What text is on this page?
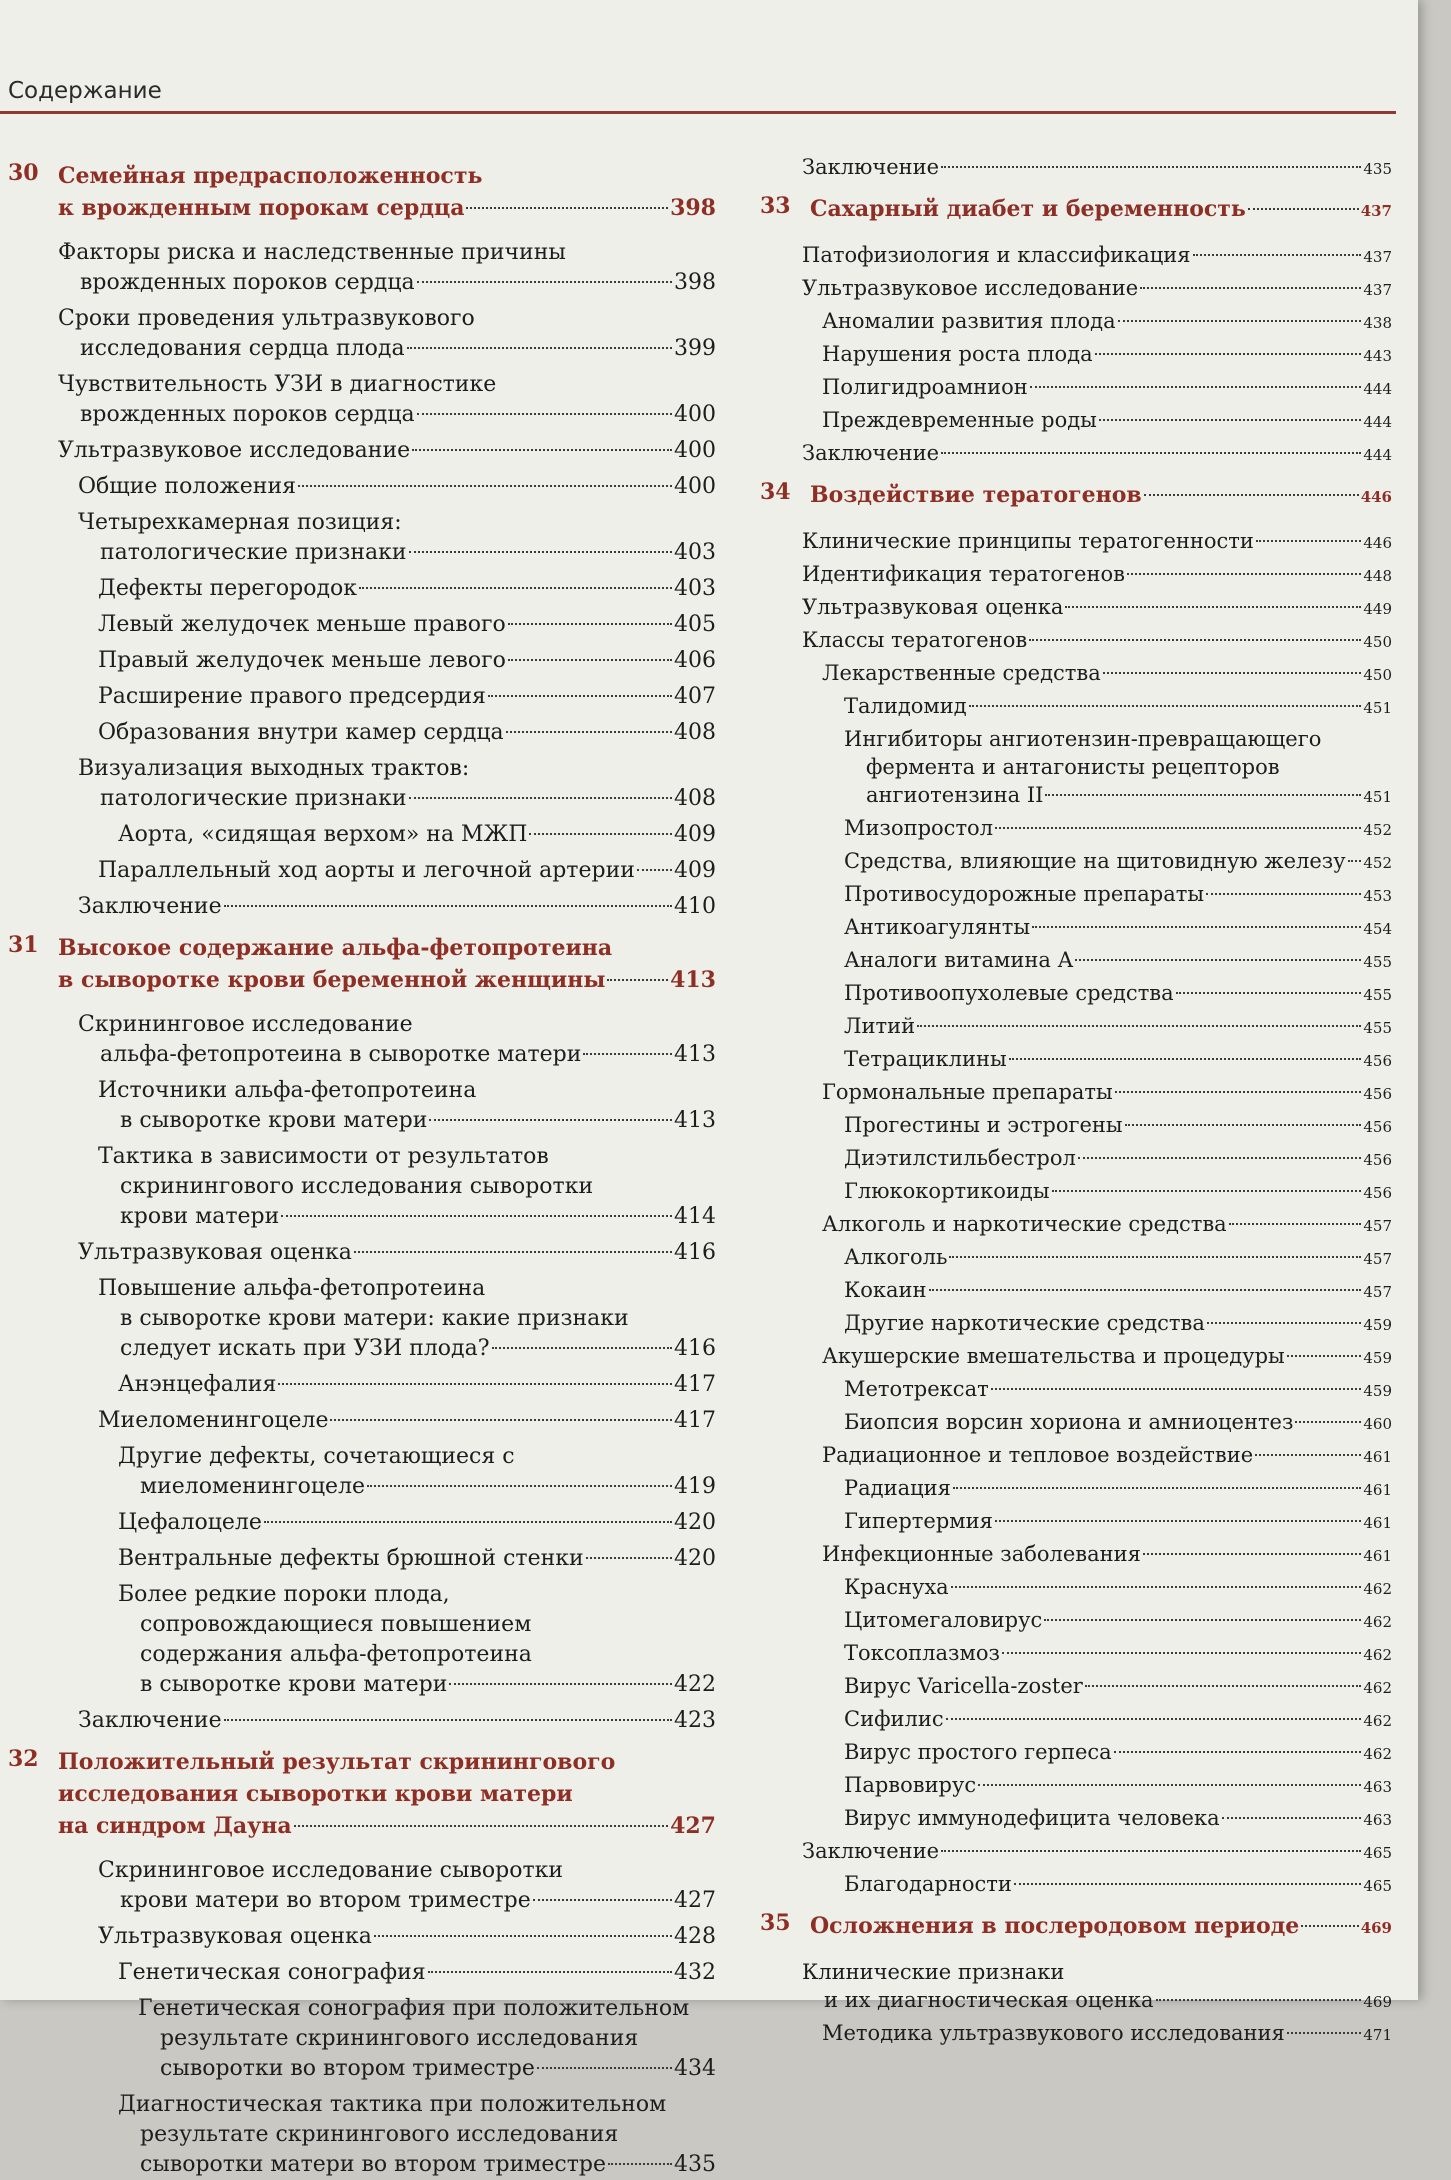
Содержание
30 Семейная предрасположенность
к врожденным порокам сердца	398
Факторы риска и наследственные причины
врожденных пороков сердца	398
Сроки проведения ультразвукового
исследования сердца плода	399
Чувствительность УЗИ в диагностике
врожденных пороков сердца	400
Ультразвуковое исследование	400
Общие положения	400
Четырехкамерная позиция:
патологические признаки	403
Дефекты перегородок	403
Левый желудочек меньше правого	405
Правый желудочек меньше левого	406
Расширение правого предсердия	407
Образования внутри камер сердца	408
Визуализация выходных трактов:
патологические признаки	408
Аорта, «сидящая верхом» на МЖП	409
Параллельный ход аорты и легочной артерии 409
Заключение	410
31 Высокое содержание альфа-фетопротеина
в сыворотке крови беременной женщины	413
Скрининговое исследование
альфа-фетопротеина в сыворотке матери	413
Источники альфа-фетопротеина
в сыворотке крови матери	413
Тактика в зависимости от результатов
скринингового исследования сыворотки
крови матери	414
Ультразвуковая оценка	416
Повышение альфа-фетопротеина
в сыворотке крови матери: какие признаки
следует искать при УЗИ плода?	416
Анэнцефалия	417
Миеломенингоцеле	417
Другие дефекты, сочетающиеся с
миеломенингоцеле	419
Цефалоцеле	420
Вентральные дефекты брюшной стенки	420
Более редкие пороки плода,
сопровождающиеся повышением
содержания альфа-фетопротеина
в сыворотке крови матери	422
Заключение	423
32 Положительный результат скринингового
исследования сыворотки крови матери
на синдром Дауна	427
Скрининговое исследование сыворотки
крови матери во втором триместре	427
Ультразвуковая оценка	428
Генетическая сонография	432
Генетическая сонография при положительном
результате скринингового исследования
сыворотки во втором триместре	434
Диагностическая тактика при положительном
результате скринингового исследования
сыворотки матери во втором триместре	435
Заключение	435
33 Сахарный диабет и беременность	437
Патофизиология и классификация	437
Ультразвуковое исследование	437
Аномалии развития плода	438
Нарушения роста плода	443
Полигидроамнион	444
Преждевременные роды	444
Заключение	444
34 Воздействие тератогенов	446
Клинические принципы тератогенности	446
Идентификация тератогенов	448
Ультразвуковая оценка	449
Классы тератогенов	450
Лекарственные средства	450
Талидомид	451
Ингибиторы ангиотензин-превращающего
фермента и антагонисты рецепторов
ангиотензина II	451
Мизопростол	452
Средства, влияющие на щитовидную железу 452
Противосудорожные препараты	453
Антикоагулянты	454
Аналоги витамина А	455
Противоопухолевые средства	455
Литий	455
Тетрациклины	456
Гормональные препараты	456
Прогестины и эстрогены	456
Диэтилстильбестрол	456
Глюкокортикоиды	456
Алкоголь и наркотические средства	457
Алкоголь	457
Кокаин	457
Другие наркотические средства	459
Акушерские вмешательства и процедуры	459
Метотрексат	459
Биопсия ворсин хориона и амниоцентез	460
Радиационное и тепловое воздействие	461
Радиация	461
Гипертермия	461
Инфекционные заболевания	461
Краснуха	462
Цитомегаловирус	462
Токсоплазмоз	462
Вирус Varicella-zoster	462
Сифилис	462
Вирус простого герпеса	462
Парвовирус	463
Вирус иммунодефицита человека	463
Заключение	465
Благодарности	465
35 Осложнения в послеродовом периоде	469
Клинические признаки
и их диагностическая оценка	469
Методика ультразвукового исследования	471
